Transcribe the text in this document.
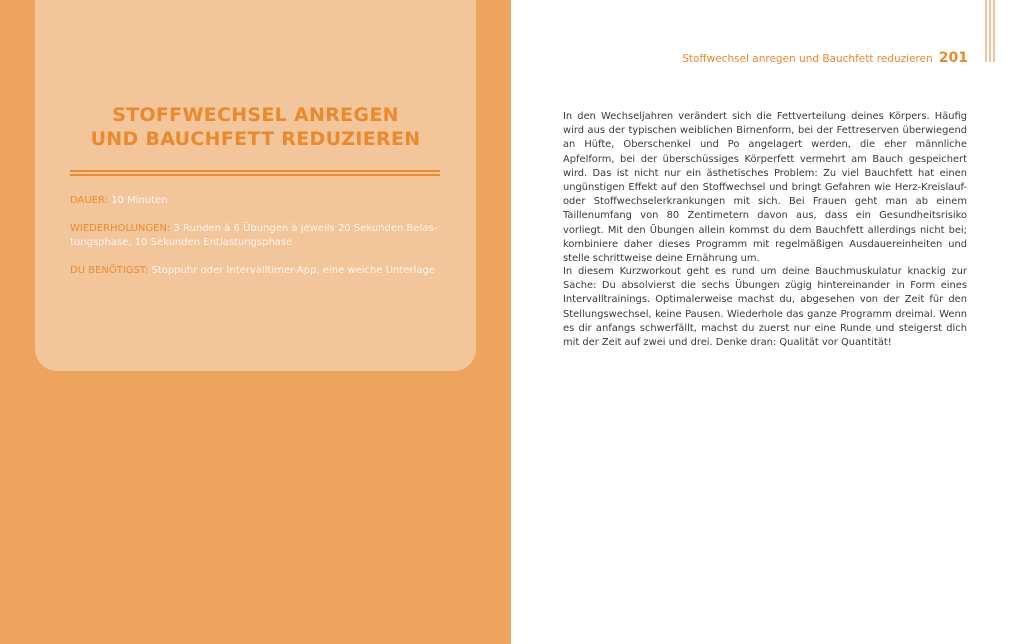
STOFFWECHSEL ANREGEN
UND BAUCHFETT REDUZIEREN
DAUER: 10 Minuten
WIEDERHOLUNGEN: 3 Runden à 6 Übungen à jeweils 20 Sekunden Belastungsphase, 10 Sekunden Entlastungsphase
DU BENÖTIGST: Stoppuhr oder Intervalltimer-App, eine weiche Unterlage
Stoffwechsel anregen und Bauchfett reduzieren 201

In den Wechseljahren verändert sich die Fettverteilung deines Körpers. Häufig wird aus der typischen weiblichen Birnenform, bei der Fettreserven überwiegend an Hüfte, Oberschenkel und Po angelagert werden, die eher männliche Apfelform, bei der überschüssiges Körperfett vermehrt am Bauch gespeichert wird. Das ist nicht nur ein ästhetisches Problem: Zu viel Bauchfett hat einen ungünstigen Effekt auf den Stoffwechsel und bringt Gefahren wie Herz-Kreislauf- oder Stoffwechselerkrankungen mit sich. Bei Frauen geht man ab einem Taillenumfang von 80 Zentimetern davon aus, dass ein Gesundheitsrisiko vorliegt. Mit den Übungen allein kommst du dem Bauchfett allerdings nicht bei; kombiniere daher dieses Programm mit regelmäßigen Ausdauereinheiten und stelle schrittweise deine Ernährung um.

In diesem Kurzworkout geht es rund um deine Bauchmuskulatur knackig zur Sache: Du absolvierst die sechs Übungen zügig hintereinander in Form eines Intervalltrainings. Optimalerweise machst du, abgesehen von der Zeit für den Stellungswechsel, keine Pausen. Wiederhole das ganze Programm dreimal. Wenn es dir anfangs schwerfällt, machst du zuerst nur eine Runde und steigerst dich mit der Zeit auf zwei und drei. Denke dran: Qualität vor Quantität!
